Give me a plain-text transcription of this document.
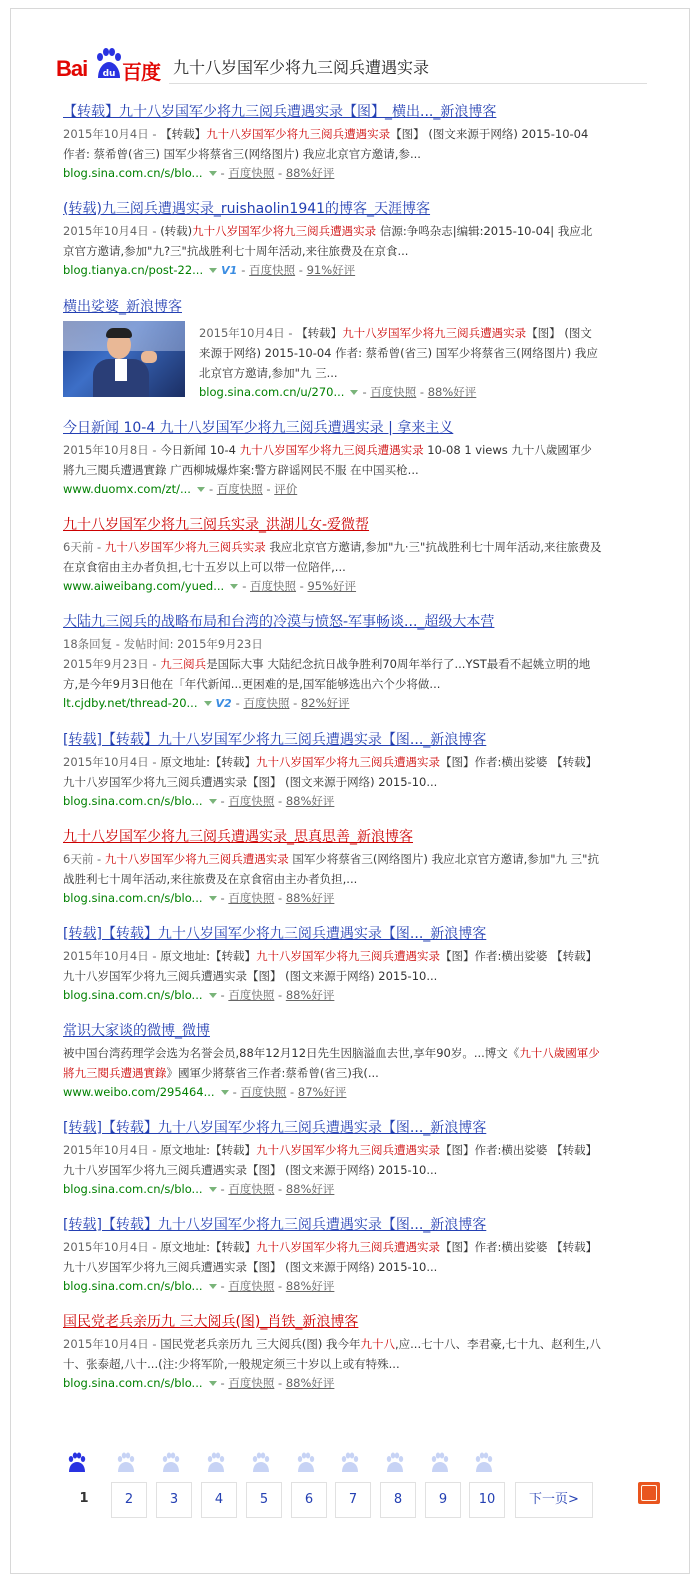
Bai du 百度
九十八岁国军少将九三阅兵遭遇实录
【转载】九十八岁国军少将九三阅兵遭遇实录【图】_横出..._新浪博客
2015年10月4日 - 【转载】九十八岁国军少将九三阅兵遭遇实录【图】 (图文来源于网络) 2015-10-04 作者: 蔡希曾(省三) 国军少将蔡省三(网络图片) 我应北京官方邀请,参...
blog.sina.com.cn/s/blo... - 百度快照 - 88%好评
(转载)九三阅兵遭遇实录_ruishaolin1941的博客_天涯博客
2015年10月4日 - (转载)九十八岁国军少将九三阅兵遭遇实录 信源:争鸣杂志|编辑:2015-10-04| 我应北京官方邀请,参加"九?三"抗战胜利七十周年活动,来往旅费及在京食...
blog.tianya.cn/post-22... V1 - 百度快照 - 91%好评
横出娑婆_新浪博客
2015年10月4日 - 【转载】九十八岁国军少将九三阅兵遭遇实录【图】 (图文来源于网络) 2015-10-04 作者: 蔡希曾(省三) 国军少将蔡省三(网络图片) 我应北京官方邀请,参加"九 三...
blog.sina.com.cn/u/270... - 百度快照 - 88%好评
今日新闻 10-4 九十八岁国军少将九三阅兵遭遇实录 | 拿来主义
2015年10月8日 - 今日新闻 10-4 九十八岁国军少将九三阅兵遭遇实录 10-08 1 views 九十八歲國軍少將九三閱兵遭遇實錄 广西柳城爆炸案:警方辟谣网民不服 在中国买枪...
www.duomx.com/zt/... - 百度快照 - 评价
九十八岁国军少将九三阅兵实录_洪湖儿女-爱微帮
6天前 - 九十八岁国军少将九三阅兵实录 我应北京官方邀请,参加"九·三"抗战胜利七十周年活动,来往旅费及在京食宿由主办者负担,七十五岁以上可以带一位陪伴,...
www.aiweibang.com/yued... - 百度快照 - 95%好评
大陆九三阅兵的战略布局和台湾的冷漠与愤怒-军事畅谈..._超级大本营
18条回复 - 发帖时间: 2015年9月23日
2015年9月23日 - 九三阅兵是国际大事 大陆纪念抗日战争胜利70周年举行了...YST最看不起姚立明的地方,是今年9月3日他在「年代新闻...更困难的是,国军能够选出六个少将做...
lt.cjdby.net/thread-20... V2 - 百度快照 - 82%好评
[转载]【转载】九十八岁国军少将九三阅兵遭遇实录【图..._新浪博客
2015年10月4日 - 原文地址:【转载】九十八岁国军少将九三阅兵遭遇实录【图】作者:横出娑婆 【转载】九十八岁国军少将九三阅兵遭遇实录【图】 (图文来源于网络) 2015-10...
blog.sina.com.cn/s/blo... - 百度快照 - 88%好评
九十八岁国军少将九三阅兵遭遇实录_思真思善_新浪博客
6天前 - 九十八岁国军少将九三阅兵遭遇实录 国军少将蔡省三(网络图片) 我应北京官方邀请,参加"九 三"抗战胜利七十周年活动,来往旅费及在京食宿由主办者负担,...
blog.sina.com.cn/s/blo... - 百度快照 - 88%好评
[转载]【转载】九十八岁国军少将九三阅兵遭遇实录【图..._新浪博客
2015年10月4日 - 原文地址:【转载】九十八岁国军少将九三阅兵遭遇实录【图】作者:横出娑婆 【转载】九十八岁国军少将九三阅兵遭遇实录【图】 (图文来源于网络) 2015-10...
blog.sina.com.cn/s/blo... - 百度快照 - 88%好评
常识大家谈的微博_微博
被中国台湾药理学会选为名誉会员,88年12月12日先生因脑溢血去世,享年90岁。...博文《九十八歲國軍少將九三閱兵遭遇實錄》國軍少將蔡省三作者:蔡希曾(省三)我(...
www.weibo.com/295464... - 百度快照 - 87%好评
[转载]【转载】九十八岁国军少将九三阅兵遭遇实录【图..._新浪博客
2015年10月4日 - 原文地址:【转载】九十八岁国军少将九三阅兵遭遇实录【图】作者:横出娑婆 【转载】九十八岁国军少将九三阅兵遭遇实录【图】 (图文来源于网络) 2015-10...
blog.sina.com.cn/s/blo... - 百度快照 - 88%好评
[转载]【转载】九十八岁国军少将九三阅兵遭遇实录【图..._新浪博客
2015年10月4日 - 原文地址:【转载】九十八岁国军少将九三阅兵遭遇实录【图】作者:横出娑婆 【转载】九十八岁国军少将九三阅兵遭遇实录【图】 (图文来源于网络) 2015-10...
blog.sina.com.cn/s/blo... - 百度快照 - 88%好评
国民党老兵亲历九 三大阅兵(图)_肖铁_新浪博客
2015年10月4日 - 国民党老兵亲历九 三大阅兵(图) 我今年九十八,应...七十八、李君豪,七十九、赵利生,八十、张泰超,八十...(注:少将军阶,一般规定须三十岁以上或有特殊...
blog.sina.com.cn/s/blo... - 百度快照 - 88%好评
1	2	3	4	5	6	7	8	9	10	下一页>
